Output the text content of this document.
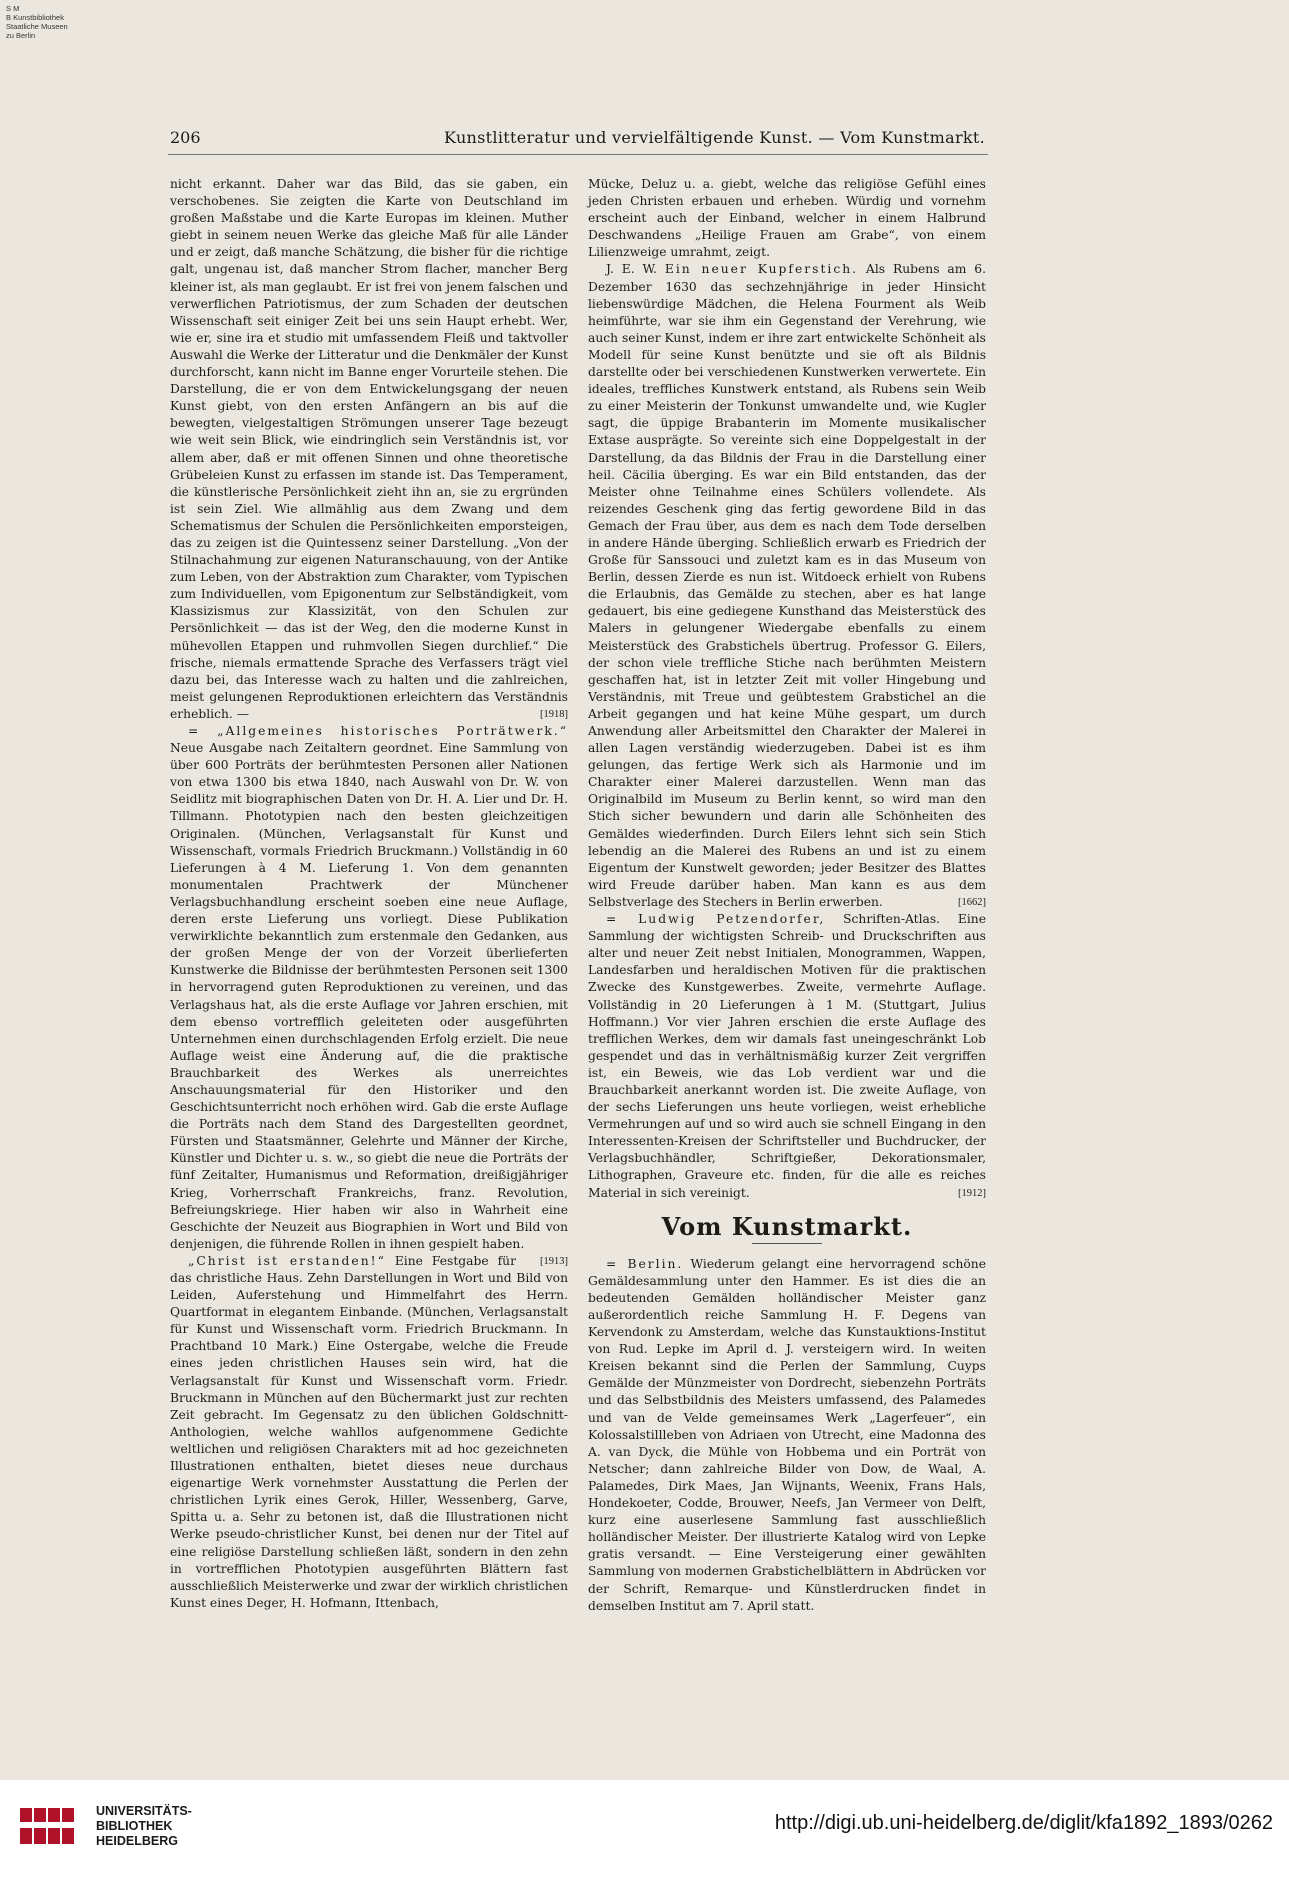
S M
B Kunstbibliothek
Staatliche Museen
zu Berlin
206	Kunstlitteratur und vervielfältigende Kunst. — Vom Kunstmarkt.

nicht erkannt. Daher war das Bild, das sie gaben, ein verschobenes. Sie zeigten die Karte von Deutschland im großen Maßstabe und die Karte Europas im kleinen. Muther giebt in seinem neuen Werke das gleiche Maß für alle Länder und er zeigt, daß manche Schätzung, die bisher für die richtige galt, ungenau ist, daß mancher Strom flacher, mancher Berg kleiner ist, als man geglaubt. Er ist frei von jenem falschen und verwerflichen Patriotismus, der zum Schaden der deutschen Wissenschaft seit einiger Zeit bei uns sein Haupt erhebt. Wer, wie er, sine ira et studio mit umfassendem Fleiß und taktvoller Auswahl die Werke der Litteratur und die Denkmäler der Kunst durchforscht, kann nicht im Banne enger Vorurteile stehen. Die Darstellung, die er von dem Entwickelungsgang der neuen Kunst giebt, von den ersten Anfängern an bis auf die bewegten, vielgestaltigen Strömungen unserer Tage bezeugt wie weit sein Blick, wie eindringlich sein Verständnis ist, vor allem aber, daß er mit offenen Sinnen und ohne theoretische Grübeleien Kunst zu erfassen im stande ist. Das Temperament, die künstlerische Persönlichkeit zieht ihn an, sie zu ergründen ist sein Ziel. Wie allmählig aus dem Zwang und dem Schematismus der Schulen die Persönlichkeiten emporsteigen, das zu zeigen ist die Quintessenz seiner Darstellung. „Von der Stilnachahmung zur eigenen Naturanschauung, von der Antike zum Leben, von der Abstraktion zum Charakter, vom Typischen zum Individuellen, vom Epigonentum zur Selbständigkeit, vom Klassizismus zur Klassizität, von den Schulen zur Persönlichkeit — das ist der Weg, den die moderne Kunst in mühevollen Etappen und ruhmvollen Siegen durchlief.“ Die frische, niemals ermattende Sprache des Verfassers trägt viel dazu bei, das Interesse wach zu halten und die zahlreichen, meist gelungenen Reproduktionen erleichtern das Verständnis erheblich. —	[1918]

= „Allgemeines historisches Porträtwerk.“ Neue Ausgabe nach Zeitaltern geordnet. Eine Sammlung von über 600 Porträts der berühmtesten Personen aller Nationen von etwa 1300 bis etwa 1840, nach Auswahl von Dr. W. von Seidlitz mit biographischen Daten von Dr. H. A. Lier und Dr. H. Tillmann. Phototypien nach den besten gleichzeitigen Originalen. (München, Verlagsanstalt für Kunst und Wissenschaft, vormals Friedrich Bruckmann.) Vollständig in 60 Lieferungen à 4 M. Lieferung 1. Von dem genannten monumentalen Prachtwerk der Münchener Verlagsbuchhandlung erscheint soeben eine neue Auflage, deren erste Lieferung uns vorliegt. Diese Publikation verwirklichte bekanntlich zum erstenmale den Gedanken, aus der großen Menge der von der Vorzeit überlieferten Kunstwerke die Bildnisse der berühmtesten Personen seit 1300 in hervorragend guten Reproduktionen zu vereinen, und das Verlagshaus hat, als die erste Auflage vor Jahren erschien, mit dem ebenso vortrefflich geleiteten oder ausgeführten Unternehmen einen durchschlagenden Erfolg erzielt. Die neue Auflage weist eine Änderung auf, die die praktische Brauchbarkeit des Werkes als unerreichtes Anschauungsmaterial für den Historiker und den Geschichtsunterricht noch erhöhen wird. Gab die erste Auflage die Porträts nach dem Stand des Dargestellten geordnet, Fürsten und Staatsmänner, Gelehrte und Männer der Kirche, Künstler und Dichter u. s. w., so giebt die neue die Porträts der fünf Zeitalter, Humanismus und Reformation, dreißigjähriger Krieg, Vorherrschaft Frankreichs, franz. Revolution, Befreiungskriege. Hier haben wir also in Wahrheit eine Geschichte der Neuzeit aus Biographien in Wort und Bild von denjenigen, die führende Rollen in ihnen gespielt haben.
[1913]

„Christ ist erstanden!“ Eine Festgabe für das christliche Haus. Zehn Darstellungen in Wort und Bild von Leiden, Auferstehung und Himmelfahrt des Herrn. Quartformat in elegantem Einbande. (München, Verlagsanstalt für Kunst und Wissenschaft vorm. Friedrich Bruckmann. In Prachtband 10 Mark.) Eine Ostergabe, welche die Freude eines jeden christlichen Hauses sein wird, hat die Verlagsanstalt für Kunst und Wissenschaft vorm. Friedr. Bruckmann in München auf den Büchermarkt just zur rechten Zeit gebracht. Im Gegensatz zu den üblichen Goldschnitt-Anthologien, welche wahllos aufgenommene Gedichte weltlichen und religiösen Charakters mit ad hoc gezeichneten Illustrationen enthalten, bietet dieses neue durchaus eigenartige Werk vornehmster Ausstattung die Perlen der christlichen Lyrik eines Gerok, Hiller, Wessenberg, Garve, Spitta u. a. Sehr zu betonen ist, daß die Illustrationen nicht Werke pseudo-christlicher Kunst, bei denen nur der Titel auf eine religiöse Darstellung schließen läßt, sondern in den zehn in vortrefflichen Phototypien ausgeführten Blättern fast ausschließlich Meisterwerke und zwar der wirklich christlichen Kunst eines Deger, H. Hofmann, Ittenbach,

Mücke, Deluz u. a. giebt, welche das religiöse Gefühl eines jeden Christen erbauen und erheben. Würdig und vornehm erscheint auch der Einband, welcher in einem Halbrund Deschwandens „Heilige Frauen am Grabe“, von einem Lilienzweige umrahmt, zeigt.

J. E. W. Ein neuer Kupferstich. Als Rubens am 6. Dezember 1630 das sechzehnjährige in jeder Hinsicht liebenswürdige Mädchen, die Helena Fourment als Weib heimführte, war sie ihm ein Gegenstand der Verehrung, wie auch seiner Kunst, indem er ihre zart entwickelte Schönheit als Modell für seine Kunst benützte und sie oft als Bildnis darstellte oder bei verschiedenen Kunstwerken verwertete. Ein ideales, treffliches Kunstwerk entstand, als Rubens sein Weib zu einer Meisterin der Tonkunst umwandelte und, wie Kugler sagt, die üppige Brabanterin im Momente musikalischer Extase ausprägte. So vereinte sich eine Doppelgestalt in der Darstellung, da das Bildnis der Frau in die Darstellung einer heil. Cäcilia überging. Es war ein Bild entstanden, das der Meister ohne Teilnahme eines Schülers vollendete. Als reizendes Geschenk ging das fertig gewordene Bild in das Gemach der Frau über, aus dem es nach dem Tode derselben in andere Hände überging. Schließlich erwarb es Friedrich der Große für Sanssouci und zuletzt kam es in das Museum von Berlin, dessen Zierde es nun ist. Witdoeck erhielt von Rubens die Erlaubnis, das Gemälde zu stechen, aber es hat lange gedauert, bis eine gediegene Kunsthand das Meisterstück des Malers in gelungener Wiedergabe ebenfalls zu einem Meisterstück des Grabstichels übertrug. Professor G. Eilers, der schon viele treffliche Stiche nach berühmten Meistern geschaffen hat, ist in letzter Zeit mit voller Hingebung und Verständnis, mit Treue und geübtestem Grabstichel an die Arbeit gegangen und hat keine Mühe gespart, um durch Anwendung aller Arbeitsmittel den Charakter der Malerei in allen Lagen verständig wiederzugeben. Dabei ist es ihm gelungen, das fertige Werk sich als Harmonie und im Charakter einer Malerei darzustellen. Wenn man das Originalbild im Museum zu Berlin kennt, so wird man den Stich sicher bewundern und darin alle Schönheiten des Gemäldes wiederfinden. Durch Eilers lehnt sich sein Stich lebendig an die Malerei des Rubens an und ist zu einem Eigentum der Kunstwelt geworden; jeder Besitzer des Blattes wird Freude darüber haben. Man kann es aus dem Selbstverlage des Stechers in Berlin erwerben.	[1662]

= Ludwig Petzendorfer, Schriften-Atlas. Eine Sammlung der wichtigsten Schreib- und Druckschriften aus alter und neuer Zeit nebst Initialen, Monogrammen, Wappen, Landesfarben und heraldischen Motiven für die praktischen Zwecke des Kunstgewerbes. Zweite, vermehrte Auflage. Vollständig in 20 Lieferungen à 1 M. (Stuttgart, Julius Hoffmann.) Vor vier Jahren erschien die erste Auflage des trefflichen Werkes, dem wir damals fast uneingeschränkt Lob gespendet und das in verhältnismäßig kurzer Zeit vergriffen ist, ein Beweis, wie das Lob verdient war und die Brauchbarkeit anerkannt worden ist. Die zweite Auflage, von der sechs Lieferungen uns heute vorliegen, weist erhebliche Vermehrungen auf und so wird auch sie schnell Eingang in den Interessenten-Kreisen der Schriftsteller und Buchdrucker, der Verlagsbuchhändler, Schriftgießer, Dekorationsmaler, Lithographen, Graveure etc. finden, für die alle es reiches Material in sich vereinigt.	[1912]

Vom Kunstmarkt.

= Berlin. Wiederum gelangt eine hervorragend schöne Gemäldesammlung unter den Hammer. Es ist dies die an bedeutenden Gemälden holländischer Meister ganz außerordentlich reiche Sammlung H. F. Degens van Kervendonk zu Amsterdam, welche das Kunstauktions-Institut von Rud. Lepke im April d. J. versteigern wird. In weiten Kreisen bekannt sind die Perlen der Sammlung, Cuyps Gemälde der Münzmeister von Dordrecht, siebenzehn Porträts und das Selbstbildnis des Meisters umfassend, des Palamedes und van de Velde gemeinsames Werk „Lagerfeuer“, ein Kolossalstillleben von Adriaen von Utrecht, eine Madonna des A. van Dyck, die Mühle von Hobbema und ein Porträt von Netscher; dann zahlreiche Bilder von Dow, de Waal, A. Palamedes, Dirk Maes, Jan Wijnants, Weenix, Frans Hals, Hondekoeter, Codde, Brouwer, Neefs, Jan Vermeer von Delft, kurz eine auserlesene Sammlung fast ausschließlich holländischer Meister. Der illustrierte Katalog wird von Lepke gratis versandt. — Eine Versteigerung einer gewählten Sammlung von modernen Grabstichelblättern in Abdrücken vor der Schrift, Remarque- und Künstlerdrucken findet in demselben Institut am 7. April statt.

UNIVERSITÄTS-
BIBLIOTHEK
HEIDELBERG
http://digi.ub.uni-heidelberg.de/diglit/kfa1892_1893/0262
